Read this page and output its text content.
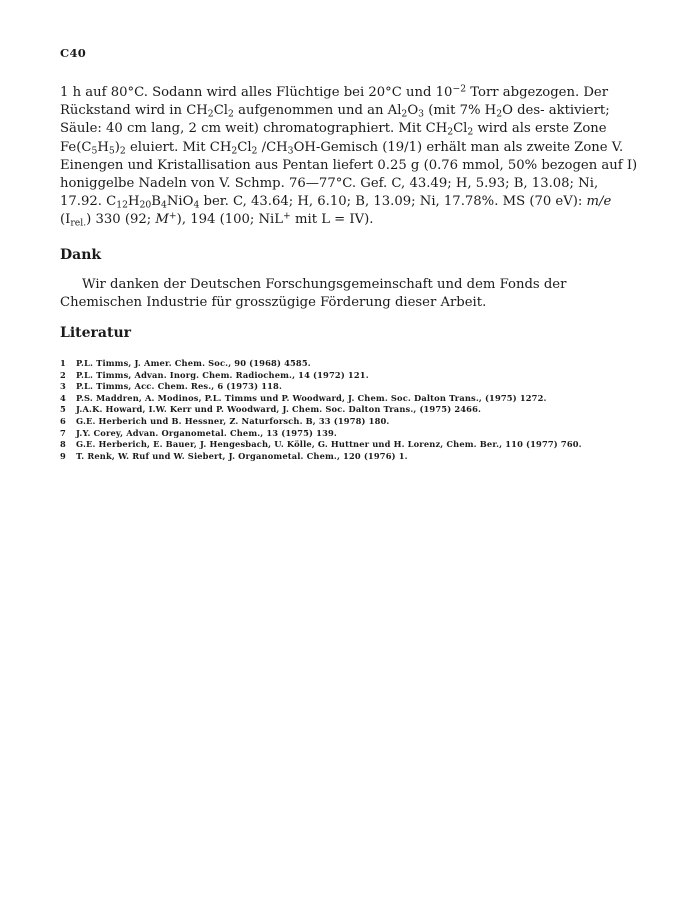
C40
1 h auf 80°C. Sodann wird alles Flüchtige bei 20°C und $10^{-2}$ Torr abgezogen. Der Rückstand wird in $CH_2Cl_2$ aufgenommen und an $Al_2O_3$ (mit 7% $H_2O$ des- aktiviert; Säule: 40 cm lang, 2 cm weit) chromatographiert. Mit $CH_2Cl_2$ wird als erste Zone $Fe(C_5H_5)_2$ eluiert. Mit $CH_2Cl_2$ $/CH_3OH$-Gemisch (19/1) erhält man als zweite Zone V. Einengen und Kristallisation aus Pentan liefert 0.25 g (0.76 mmol, 50% bezogen auf I) honiggelbe Nadeln von V. Schmp. 76—77°C. Gef. C, 43.49; H, 5.93; B, 13.08; Ni, 17.92. $C_{12}H_{20}B_4NiO_4$ ber. C, 43.64; H, 6.10; B, 13.09; Ni, 17.78%. MS (70 eV): m/e $(I_{rel.})$ 330 (92; M+), 194 (100; NiL+ mit L = IV).
Dank
Wir danken der Deutschen Forschungsgemeinschaft und dem Fonds der Chemischen Industrie für grosszügige Förderung dieser Arbeit.
Literatur
1	P.L. Timms, J. Amer. Chem. Soc., 90 (1968) 4585.
2	P.L. Timms, Advan. Inorg. Chem. Radiochem., 14 (1972) 121.
3	P.L. Timms, Acc. Chem. Res., 6 (1973) 118.
4	P.S. Maddren, A. Modinos, P.L. Timms und P. Woodward, J. Chem. Soc. Dalton Trans., (1975) 1272.
5	J.A.K. Howard, I.W. Kerr und P. Woodward, J. Chem. Soc. Dalton Trans., (1975) 2466.
6	G.E. Herberich und B. Hessner, Z. Naturforsch. B, 33 (1978) 180.
7	J.Y. Corey, Advan. Organometal. Chem., 13 (1975) 139.
8	G.E. Herberich, E. Bauer, J. Hengesbach, U. Kölle, G. Huttner und H. Lorenz, Chem. Ber., 110 (1977) 760.
9	T. Renk, W. Ruf und W. Siebert, J. Organometal. Chem., 120 (1976) 1.
